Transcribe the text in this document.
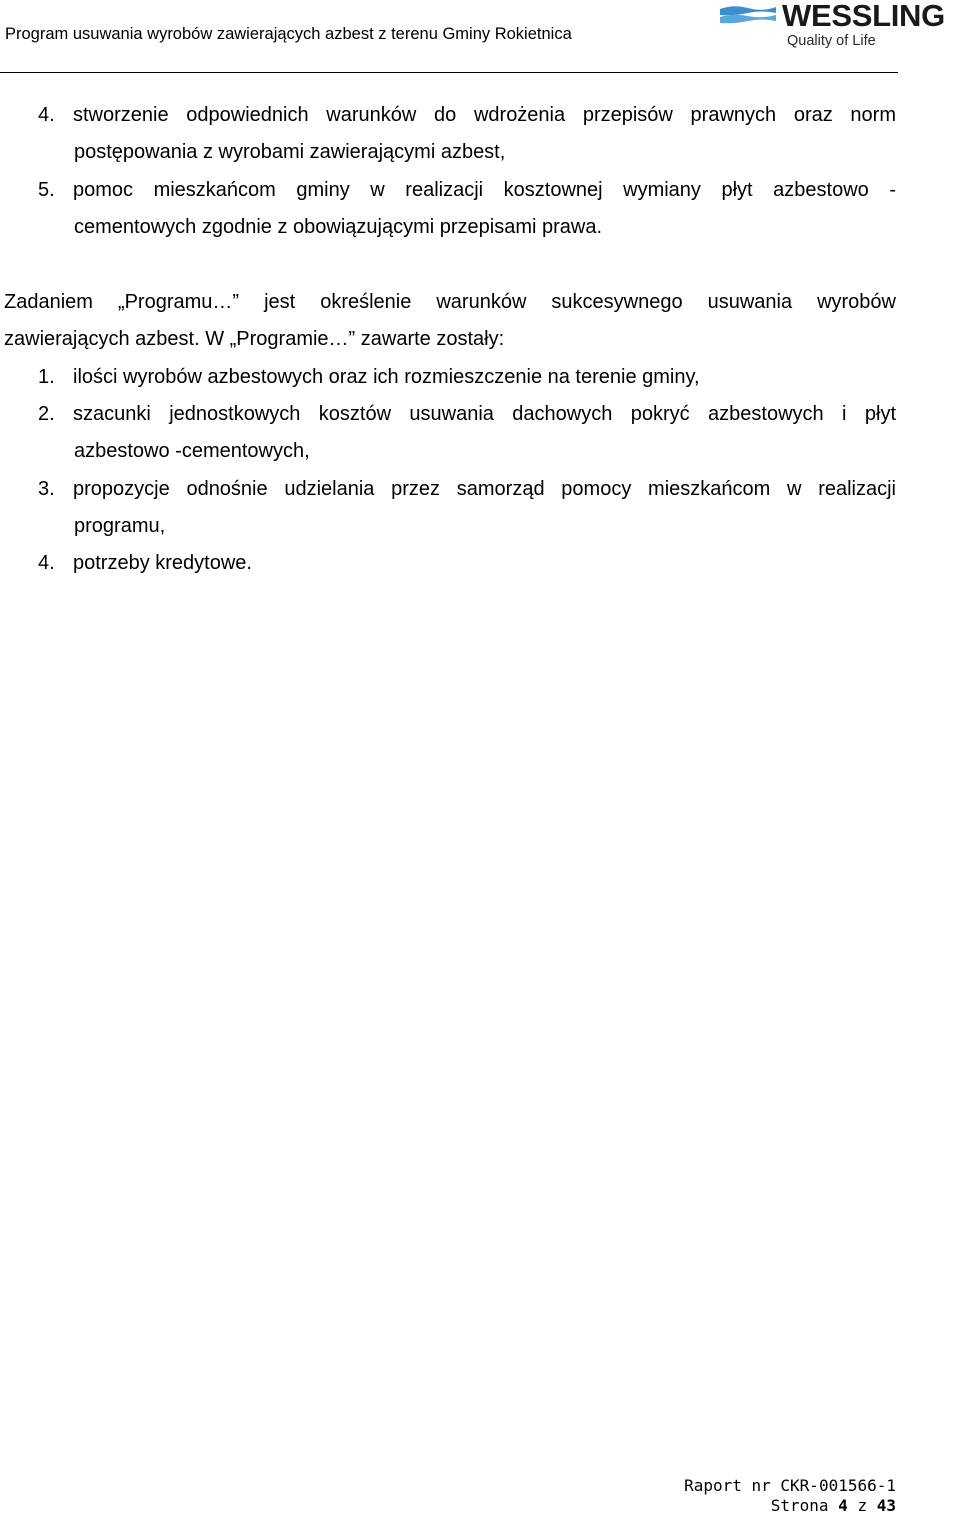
Program usuwania wyrobów zawierających azbest z terenu Gminy Rokietnica
WESSLING
Quality of Life
4. stworzenie odpowiednich warunków do wdrożenia przepisów prawnych oraz norm
postępowania z wyrobami zawierającymi azbest,
5. pomoc mieszkańcom gminy w realizacji kosztownej wymiany płyt azbestowo -
cementowych zgodnie z obowiązującymi przepisami prawa.
Zadaniem „Programu…” jest określenie warunków sukcesywnego usuwania wyrobów
zawierających azbest. W „Programie…” zawarte zostały:
1. ilości wyrobów azbestowych oraz ich rozmieszczenie na terenie gminy,
2. szacunki jednostkowych kosztów usuwania dachowych pokryć azbestowych i płyt
azbestowo -cementowych,
3. propozycje odnośnie udzielania przez samorząd pomocy mieszkańcom w realizacji
programu,
4. potrzeby kredytowe.
Raport nr CKR-001566-1
Strona 4 z 43
